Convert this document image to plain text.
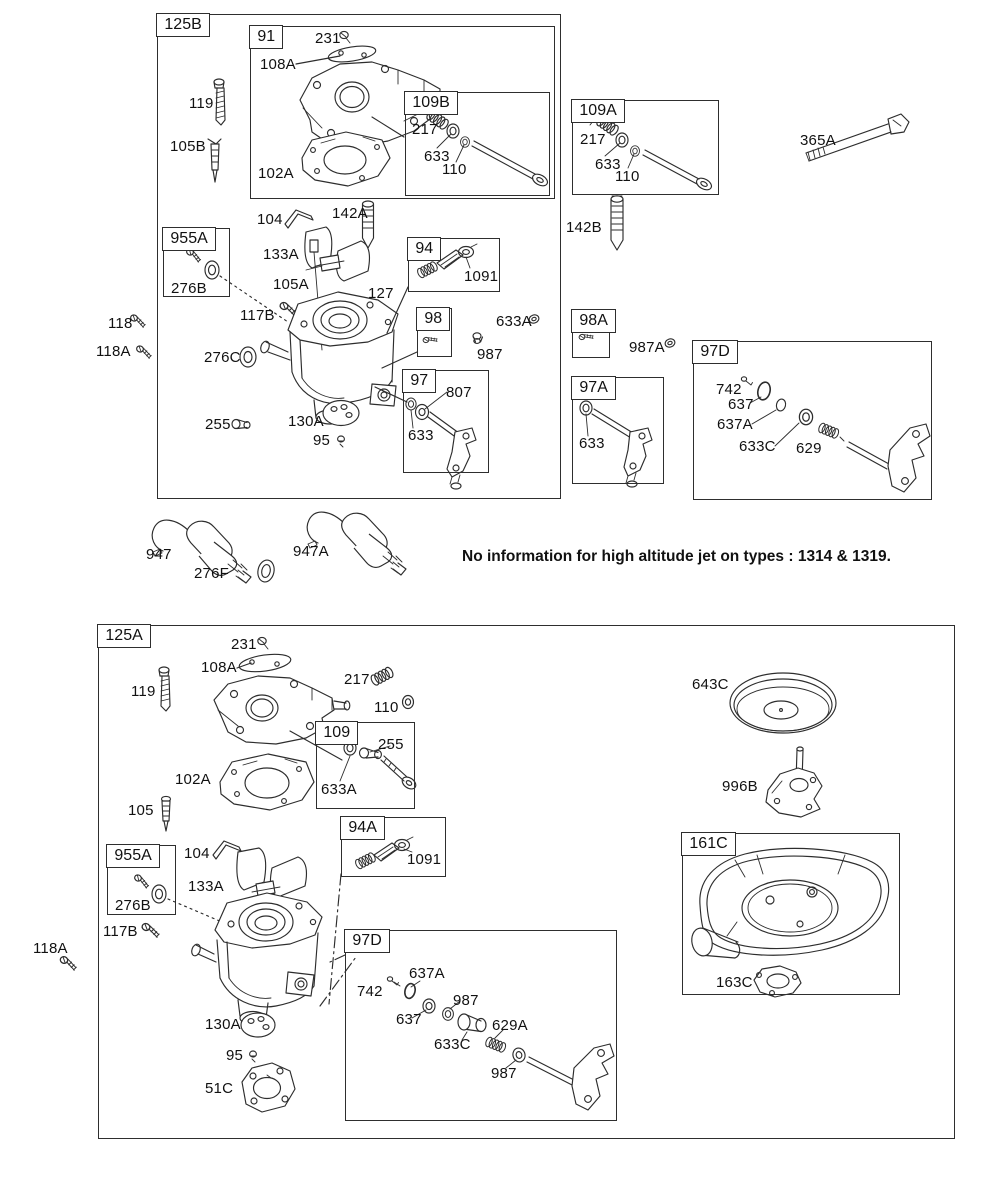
No information for high altitude jet on types : 1314 & 1319.
125B
91
109B
955A
94
98
97
109A
98A
97A
97D
125A
109
94A
955A
97D
161C
231
108A
119
105B
102A
217
633
110
104	142A
133A
105A
276B
117B
127
118
118A	276C
255	130A
95
1091
633A
987
807
633
217
633
110
365A
142B
987A
742
637
637A
633C 629
633
947
276F
947A
231
108A
119
217
110
102A
105
255
633A
1091
276B
104
133A
117B
118A
130A
95
51C
742
637A
987
637
633C
629A
987
643C
996B
163C
